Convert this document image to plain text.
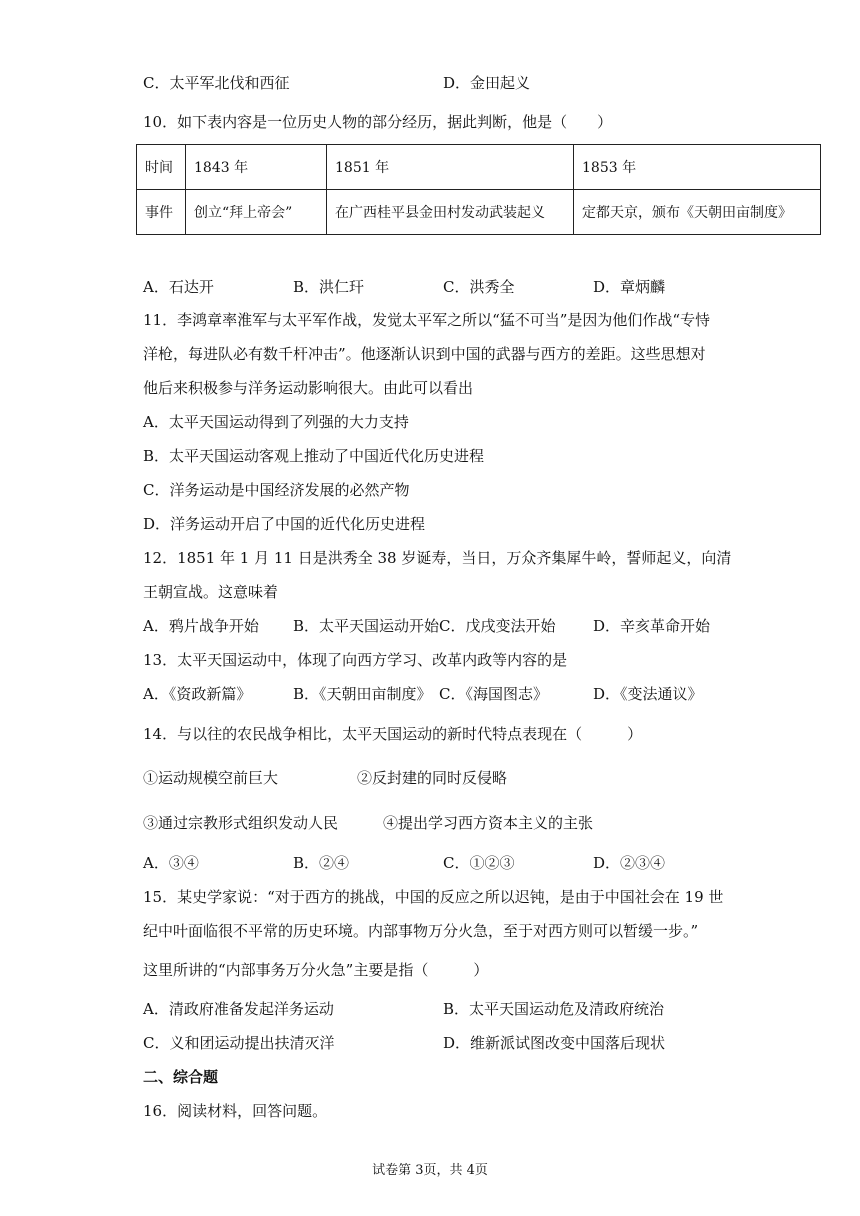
C．太平军北伐和西征	D．金田起义
10．如下表内容是一位历史人物的部分经历，据此判断，他是（　　）
时间	1843 年	1851 年	1853 年
事件	创立“拜上帝会”	在广西桂平县金田村发动武装起义	定都天京，颁布《天朝田亩制度》
A．石达开	B．洪仁玕	C．洪秀全	D．章炳麟
11．李鸿章率淮军与太平军作战，发觉太平军之所以“猛不可当”是因为他们作战“专恃
洋枪，每进队必有数千杆冲击”。他逐渐认识到中国的武器与西方的差距。这些思想对
他后来积极参与洋务运动影响很大。由此可以看出
A．太平天国运动得到了列强的大力支持
B．太平天国运动客观上推动了中国近代化历史进程
C．洋务运动是中国经济发展的必然产物
D．洋务运动开启了中国的近代化历史进程
12．1851 年 1 月 11 日是洪秀全 38 岁诞寿，当日，万众齐集犀牛岭，誓师起义，向清
王朝宣战。这意味着
A．鸦片战争开始 B．太平天国运动开始 C．戊戌变法开始	D．辛亥革命开始
13．太平天国运动中，体现了向西方学习、改革内政等内容的是
A．《资政新篇》	B．《天朝田亩制度》 C．《海国图志》	D．《变法通议》
14．与以往的农民战争相比，太平天国运动的新时代特点表现在（　　　）
①运动规模空前巨大	②反封建的同时反侵略
③通过宗教形式组织发动人民	④提出学习西方资本主义的主张
A．③④	B．②④	C．①②③	D．②③④
15．某史学家说：“对于西方的挑战，中国的反应之所以迟钝，是由于中国社会在 19 世
纪中叶面临很不平常的历史环境。内部事物万分火急，至于对西方则可以暂缓一步。”
这里所讲的“内部事务万分火急”主要是指（　　　）
A．清政府准备发起洋务运动	B．太平天国运动危及清政府统治
C．义和团运动提出扶清灭洋	D．维新派试图改变中国落后现状
二、综合题
16．阅读材料，回答问题。
试卷第 3页，共 4页
